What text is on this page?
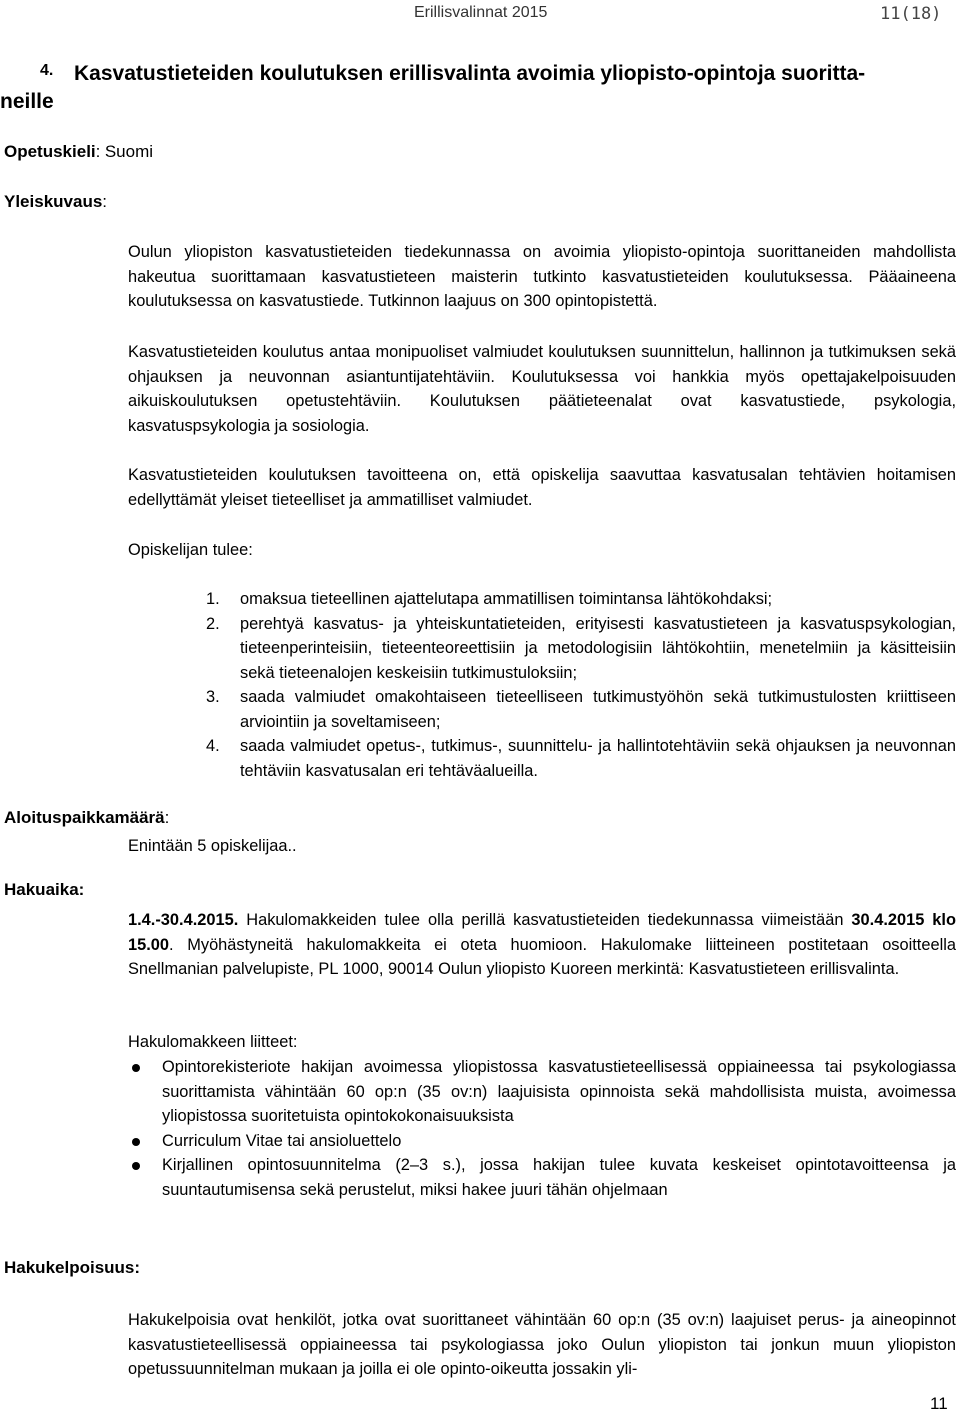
Erillisvalinnat 2015	11(18)
4. Kasvatustieteiden koulutuksen erillisvalinta avoimia yliopisto-opintoja suoritta-
neille
Opetuskieli: Suomi
Yleiskuvaus:
Oulun yliopiston kasvatustieteiden tiedekunnassa on avoimia yliopisto-opintoja suorittaneiden mahdollista hakeutua suorittamaan kasvatustieteen maisterin tutkinto kasvatustieteiden koulutuksessa. Pääaineena koulutuksessa on kasvatustiede. Tutkinnon laajuus on 300 opintopistettä.
Kasvatustieteiden koulutus antaa monipuoliset valmiudet koulutuksen suunnittelun, hallinnon ja tutkimuksen sekä ohjauksen ja neuvonnan asiantuntijatehtäviin. Koulutuksessa voi hankkia myös opettajakelpoisuuden aikuiskoulutuksen opetustehtäviin. Koulutuksen päätieteenalat ovat kasvatustiede, psykologia, kasvatuspsykologia ja sosiologia.
Kasvatustieteiden koulutuksen tavoitteena on, että opiskelija saavuttaa kasvatusalan tehtävien hoitamisen edellyttämät yleiset tieteelliset ja ammatilliset valmiudet.
Opiskelijan tulee:
1. omaksua tieteellinen ajattelutapa ammatillisen toimintansa lähtökohdaksi;
2. perehtyä kasvatus- ja yhteiskuntatieteiden, erityisesti kasvatustieteen ja kasvatuspsykologian, tieteenperinteisiin, tieteenteoreettisiin ja metodologisiin lähtökohtiin, menetelmiin ja käsitteisiin sekä tieteenalojen keskeisiin tutkimustuloksiin;
3. saada valmiudet omakohtaiseen tieteelliseen tutkimustyöhön sekä tutkimustulosten kriittiseen arviointiin ja soveltamiseen;
4. saada valmiudet opetus-, tutkimus-, suunnittelu- ja hallintotehtäviin sekä ohjauksen ja neuvonnan tehtäviin kasvatusalan eri tehtäväalueilla.
Aloituspaikkamäärä:
Enintään 5 opiskelijaa..
Hakuaika:
1.4.-30.4.2015. Hakulomakkeiden tulee olla perillä kasvatustieteiden tiedekunnassa viimeistään 30.4.2015 klo 15.00. Myöhästyneitä hakulomakkeita ei oteta huomioon. Hakulomake liitteineen postitetaan osoitteella Snellmanian palvelupiste, PL 1000, 90014 Oulun yliopisto Kuoreen merkintä: Kasvatustieteen erillisvalinta.
Hakulomakkeen liitteet:
Opintorekisteriote hakijan avoimessa yliopistossa kasvatustieteellisessä oppiaineessa tai psykologiassa suorittamista vähintään 60 op:n (35 ov:n) laajuisista opinnoista sekä mahdollisista muista, avoimessa yliopistossa suoritetuista opintokokonaisuuksista
Curriculum Vitae tai ansioluettelo
Kirjallinen opintosuunnitelma (2–3 s.), jossa hakijan tulee kuvata keskeiset opintotavoitteensa ja suuntautumisensa sekä perustelut, miksi hakee juuri tähän ohjelmaan
Hakukelpoisuus:
Hakukelpoisia ovat henkilöt, jotka ovat suorittaneet vähintään 60 op:n (35 ov:n) laajuiset perus- ja aineopinnot kasvatustieteellisessä oppiaineessa tai psykologiassa joko Oulun yliopiston tai jonkun muun yliopiston opetussuunnitelman mukaan ja joilla ei ole opinto-oikeutta jossakin yli-
11
